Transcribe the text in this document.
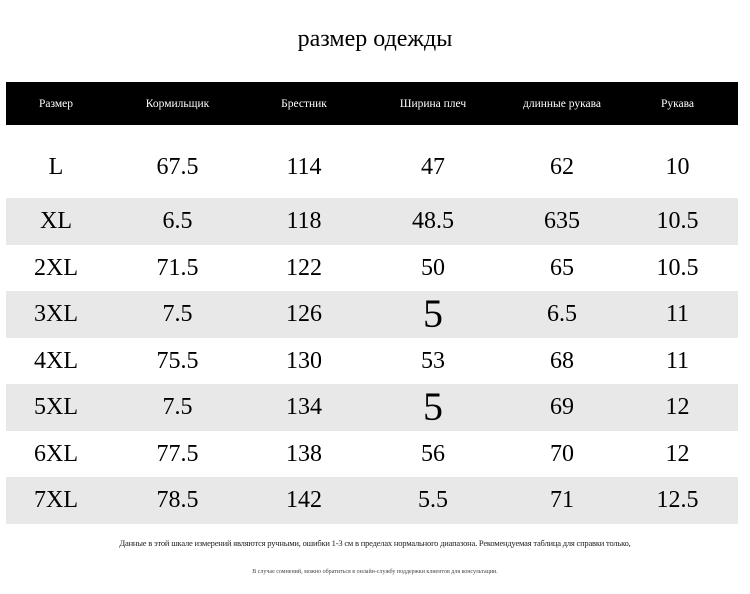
размер одежды
Размер	Кормильщик	Брестник	Ширина плеч	длинные рукава	Рукава
L	67.5	114	47	62	10
XL	6.5	118	48.5	635	10.5
2XL	71.5	122	50	65	10.5
3XL	7.5	126	5	6.5	11
4XL	75.5	130	53	68	11
5XL	7.5	134	5	69	12
6XL	77.5	138	56	70	12
7XL	78.5	142	5.5	71	12.5
Данные в этой шкале измерений являются ручными, ошибки 1-3 см в пределах нормального диапазона. Рекомендуемая таблица для справки только,
В случае сомнений, можно обратиться в онлайн-службу поддержки клиентов для консультации.
